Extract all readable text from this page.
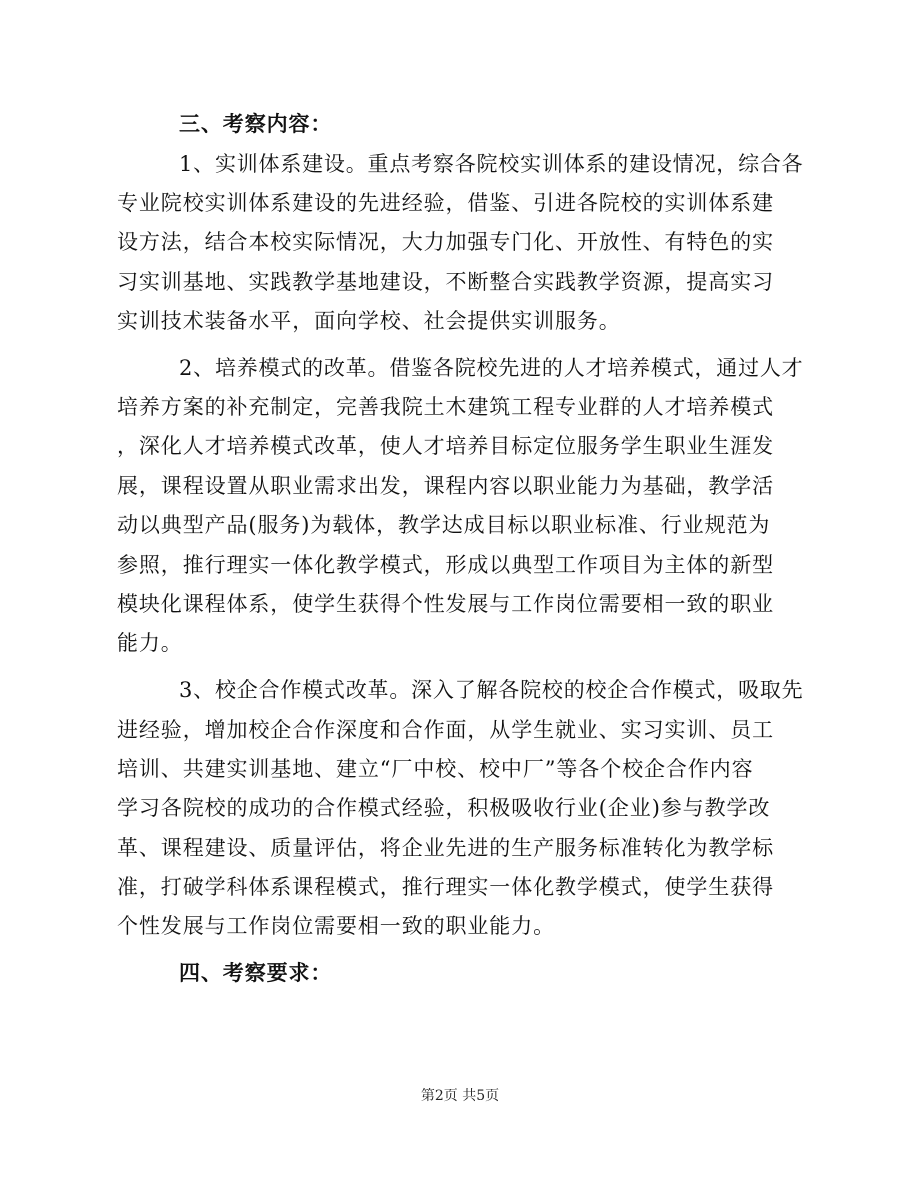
三、考察内容：
1、实训体系建设。重点考察各院校实训体系的建设情况，综合各
专业院校实训体系建设的先进经验，借鉴、引进各院校的实训体系建
设方法，结合本校实际情况，大力加强专门化、开放性、有特色的实
习实训基地、实践教学基地建设，不断整合实践教学资源，提高实习
实训技术装备水平，面向学校、社会提供实训服务。
2、培养模式的改革。借鉴各院校先进的人才培养模式，通过人才
培养方案的补充制定，完善我院土木建筑工程专业群的人才培养模式
，深化人才培养模式改革，使人才培养目标定位服务学生职业生涯发
展，课程设置从职业需求出发，课程内容以职业能力为基础，教学活
动以典型产品(服务)为载体，教学达成目标以职业标准、行业规范为
参照，推行理实一体化教学模式，形成以典型工作项目为主体的新型
模块化课程体系，使学生获得个性发展与工作岗位需要相一致的职业
能力。
3、校企合作模式改革。深入了解各院校的校企合作模式，吸取先
进经验，增加校企合作深度和合作面，从学生就业、实习实训、员工
培训、共建实训基地、建立“厂中校、校中厂”等各个校企合作内容
学习各院校的成功的合作模式经验，积极吸收行业(企业)参与教学改
革、课程建设、质量评估，将企业先进的生产服务标准转化为教学标
准，打破学科体系课程模式，推行理实一体化教学模式，使学生获得
个性发展与工作岗位需要相一致的职业能力。
四、考察要求：
第2页 共5页
